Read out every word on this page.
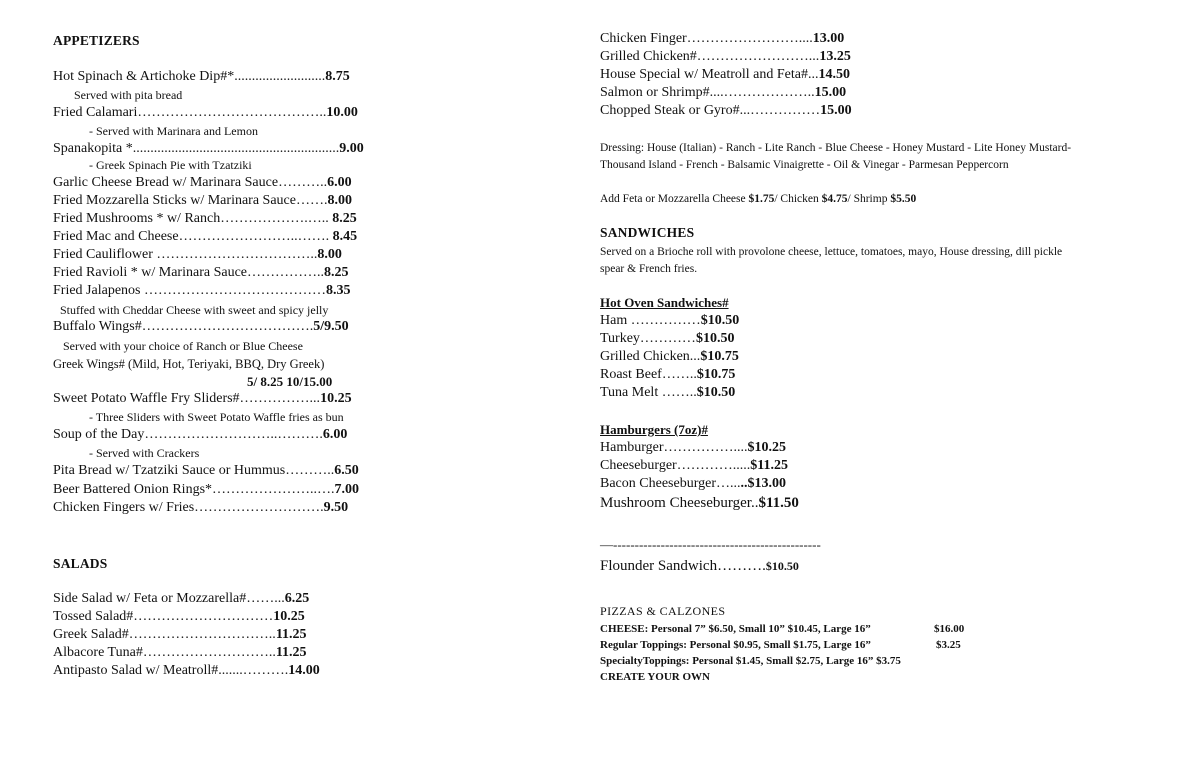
APPETIZERS
Hot Spinach & Artichoke Dip#*..........................8.75
Served with pita bread
Fried Calamari…………………………………..10.00
- Served with Marinara and Lemon
Spanakopita *...........................................................9.00
- Greek Spinach Pie with Tzatziki
Garlic Cheese Bread w/ Marinara Sauce………..6.00
Fried Mozzarella Sticks w/ Marinara Sauce…….8.00
Fried Mushrooms * w/ Ranch……………….….. 8.25
Fried Mac and Cheese……………………..……. 8.45
Fried Cauliflower ……………………………..8.00
Fried Ravioli * w/ Marinara Sauce……………..8.25
Fried Jalapenos …………………………………8.35
Stuffed with Cheddar Cheese with sweet and spicy jelly
Buffalo Wings#……………………………….5/9.50
Served with your choice of Ranch or Blue Cheese
Greek Wings# (Mild, Hot, Teriyaki, BBQ, Dry Greek)
5/ 8.25 10/15.00
Sweet Potato Waffle Fry Sliders#……………...10.25
- Three Sliders with Sweet Potato Waffle fries as bun
Soup of the Day………………………..……….6.00
- Served with Crackers
Pita Bread w/ Tzatziki Sauce or Hummus………..6.50
Beer Battered Onion Rings*…………………..….7.00
Chicken Fingers w/ Fries……………………….9.50
SALADS
Side Salad w/ Feta or Mozzarella#……...6.25
Tossed Salad#…………………………10.25
Greek Salad#…………………………..11.25
Albacore Tuna#………………………..11.25
Antipasto Salad w/ Meatroll#.......……….14.00
Chicken Finger……………………....13.00
Grilled Chicken#……………………...13.25
House Special w/ Meatroll and Feta#...14.50
Salmon or Shrimp#....………………..15.00
Chopped Steak or Gyro#...……………15.00
Dressing: House (Italian) - Ranch - Lite Ranch - Blue Cheese - Honey Mustard - Lite Honey Mustard-
Thousand Island - French - Balsamic Vinaigrette - Oil & Vinegar - Parmesan Peppercorn
Add Feta or Mozzarella Cheese $1.75/ Chicken $4.75/ Shrimp $5.50
SANDWICHES
Served on a Brioche roll with provolone cheese, lettuce, tomatoes, mayo, House dressing, dill pickle
spear & French fries.
Hot Oven Sandwiches#
Ham ……………$10.50
Turkey…………$10.50
Grilled Chicken...$10.75
Roast Beef……..$10.75
Tuna Melt ……..$10.50
Hamburgers (7oz)#
Hamburger……………....$10.25
Cheeseburger………….....$11.25
Bacon Cheeseburger….....$13.00
Mushroom Cheeseburger..$11.50
—------------------------------------------------
Flounder Sandwich……….$10.50
PIZZAS & CALZONES
CHEESE: Personal 7” $6.50, Small 10” $10.45, Large 16”	$16.00
Regular Toppings: Personal $0.95, Small $1.75, Large 16”	$3.25
SpecialtyToppings: Personal $1.45, Small $2.75, Large 16” $3.75
CREATE YOUR OWN
